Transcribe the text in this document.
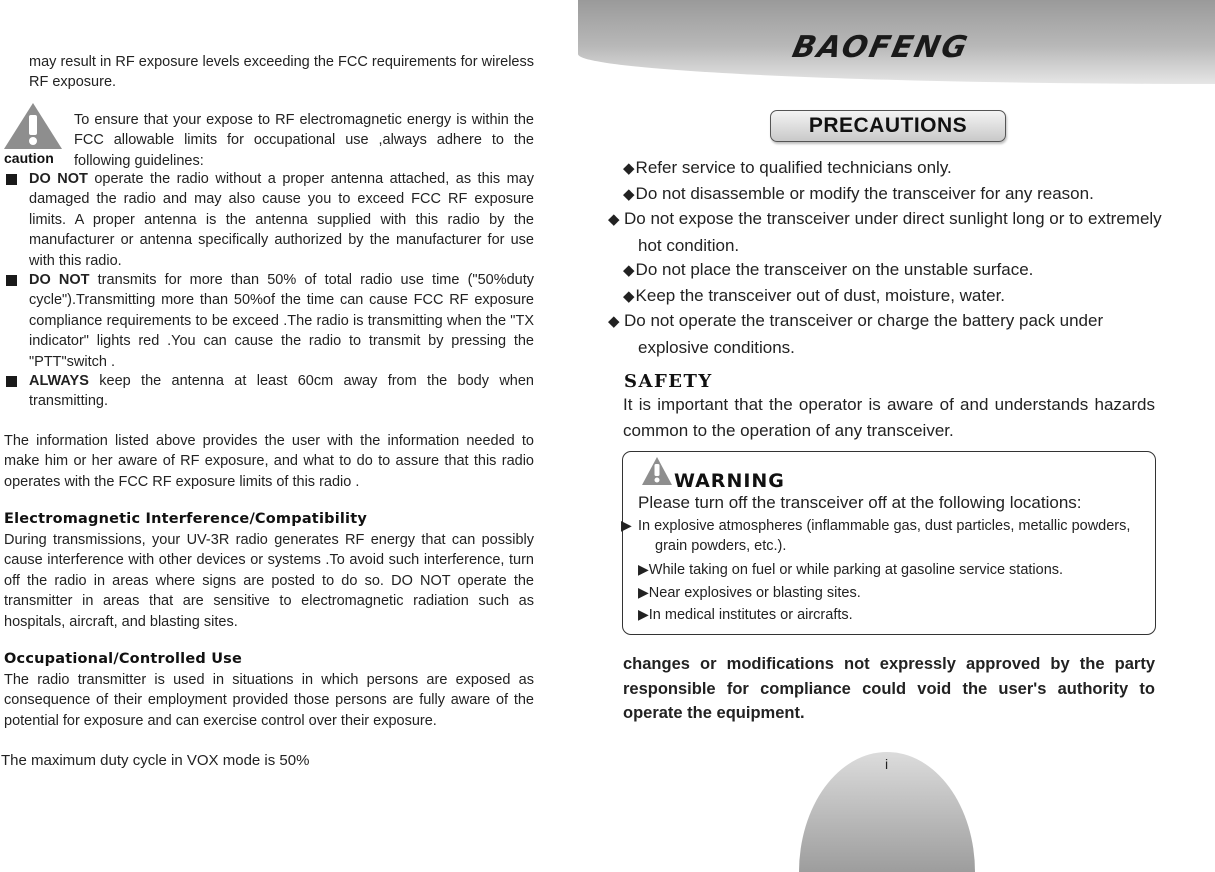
may result in RF exposure levels exceeding the FCC requirements for wireless RF exposure.

caution

To ensure that your expose to RF electromagnetic energy is within the FCC allowable limits for occupational use ,always adhere to the following guidelines:

DO NOT operate the radio without a proper antenna attached, as this may damaged the radio and may also cause you to exceed FCC RF exposure limits. A proper antenna is the antenna supplied with this radio by the manufacturer or antenna specifically authorized by the manufacturer for use with this radio.

DO NOT transmits for more than 50% of total radio use time ("50%duty cycle").Transmitting more than 50%of the time can cause FCC RF exposure compliance requirements to be exceed .The radio is transmitting when the "TX indicator" lights red .You can cause the radio to transmit by pressing the "PTT"switch .

ALWAYS keep the antenna at least 60cm away from the body when transmitting.

The information listed above provides the user with the information needed to make him or her aware of RF exposure, and what to do to assure that this radio operates with the FCC RF exposure limits of this radio .

Electromagnetic Interference/Compatibility

During transmissions, your UV-3R radio generates RF energy that can possibly cause interference with other devices or systems .To avoid such interference, turn off the radio in areas where signs are posted to do so. DO NOT operate the transmitter in areas that are sensitive to electromagnetic radiation such as hospitals, aircraft, and blasting sites.

Occupational/Controlled Use

The radio transmitter is used in situations in which persons are exposed as consequence of their employment provided those persons are fully aware of the potential for exposure and can exercise control over their exposure.

The maximum duty cycle in VOX mode is 50%
BAOFENG
PRECAUTIONS

◆Refer service to qualified technicians only.

◆Do not disassemble or modify the transceiver for any reason.

◆ Do not expose the transceiver under direct sunlight long or to extremely hot condition.

◆Do not place the transceiver on the unstable surface.

◆Keep the transceiver out of dust, moisture, water.

◆ Do not operate the transceiver or charge the battery pack under explosive conditions.

SAFETY

It is important that the operator is aware of and understands hazards common to the operation of any transceiver.

WARNING
Please turn off the transceiver off at the following locations:

In explosive atmospheres (inflammable gas, dust particles, metallic powders, grain powders, etc.).

▶While taking on fuel or while parking at gasoline service stations.

▶Near explosives or blasting sites.

▶In medical institutes or aircrafts.

changes or modifications not expressly approved by the party responsible for compliance could void the user's authority to operate the equipment.

i
